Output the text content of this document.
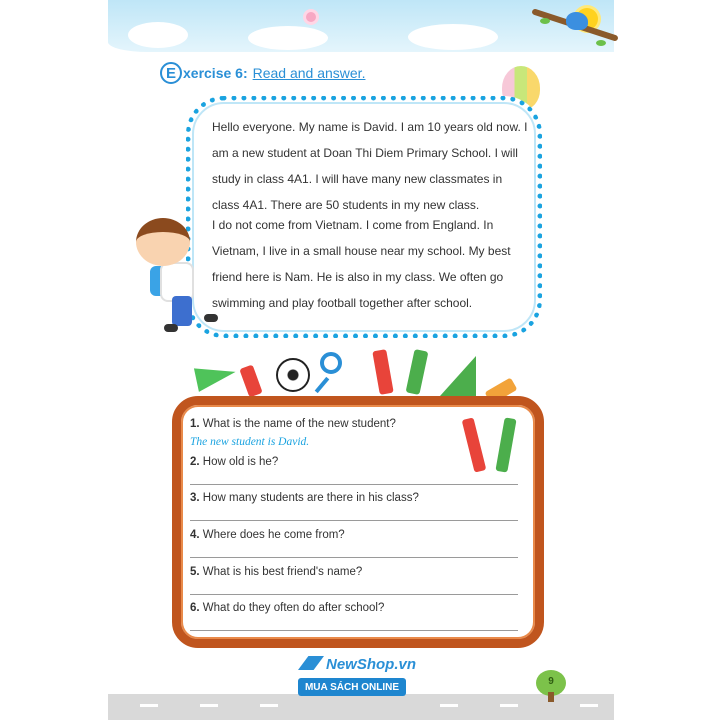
E xercise 6: Read and answer.

Hello everyone. My name is David. I am 10 years old now. I am a new student at Doan Thi Diem Primary School. I will study in class 4A1. I will have many new classmates in class 4A1. There are 50 students in my new class.

I do not come from Vietnam. I come from England. In Vietnam, I live in a small house near my school. My best friend here is Nam. He is also in my class. We often go swimming and play football together after school.

1. What is the name of the new student?
The new student is David.
2. How old is he?
3. How many students are there in his class?
4. Where does he come from?
5. What is his best friend's name?
6. What do they often do after school?
NewShop.vn
MUA SÁCH ONLINE	9
